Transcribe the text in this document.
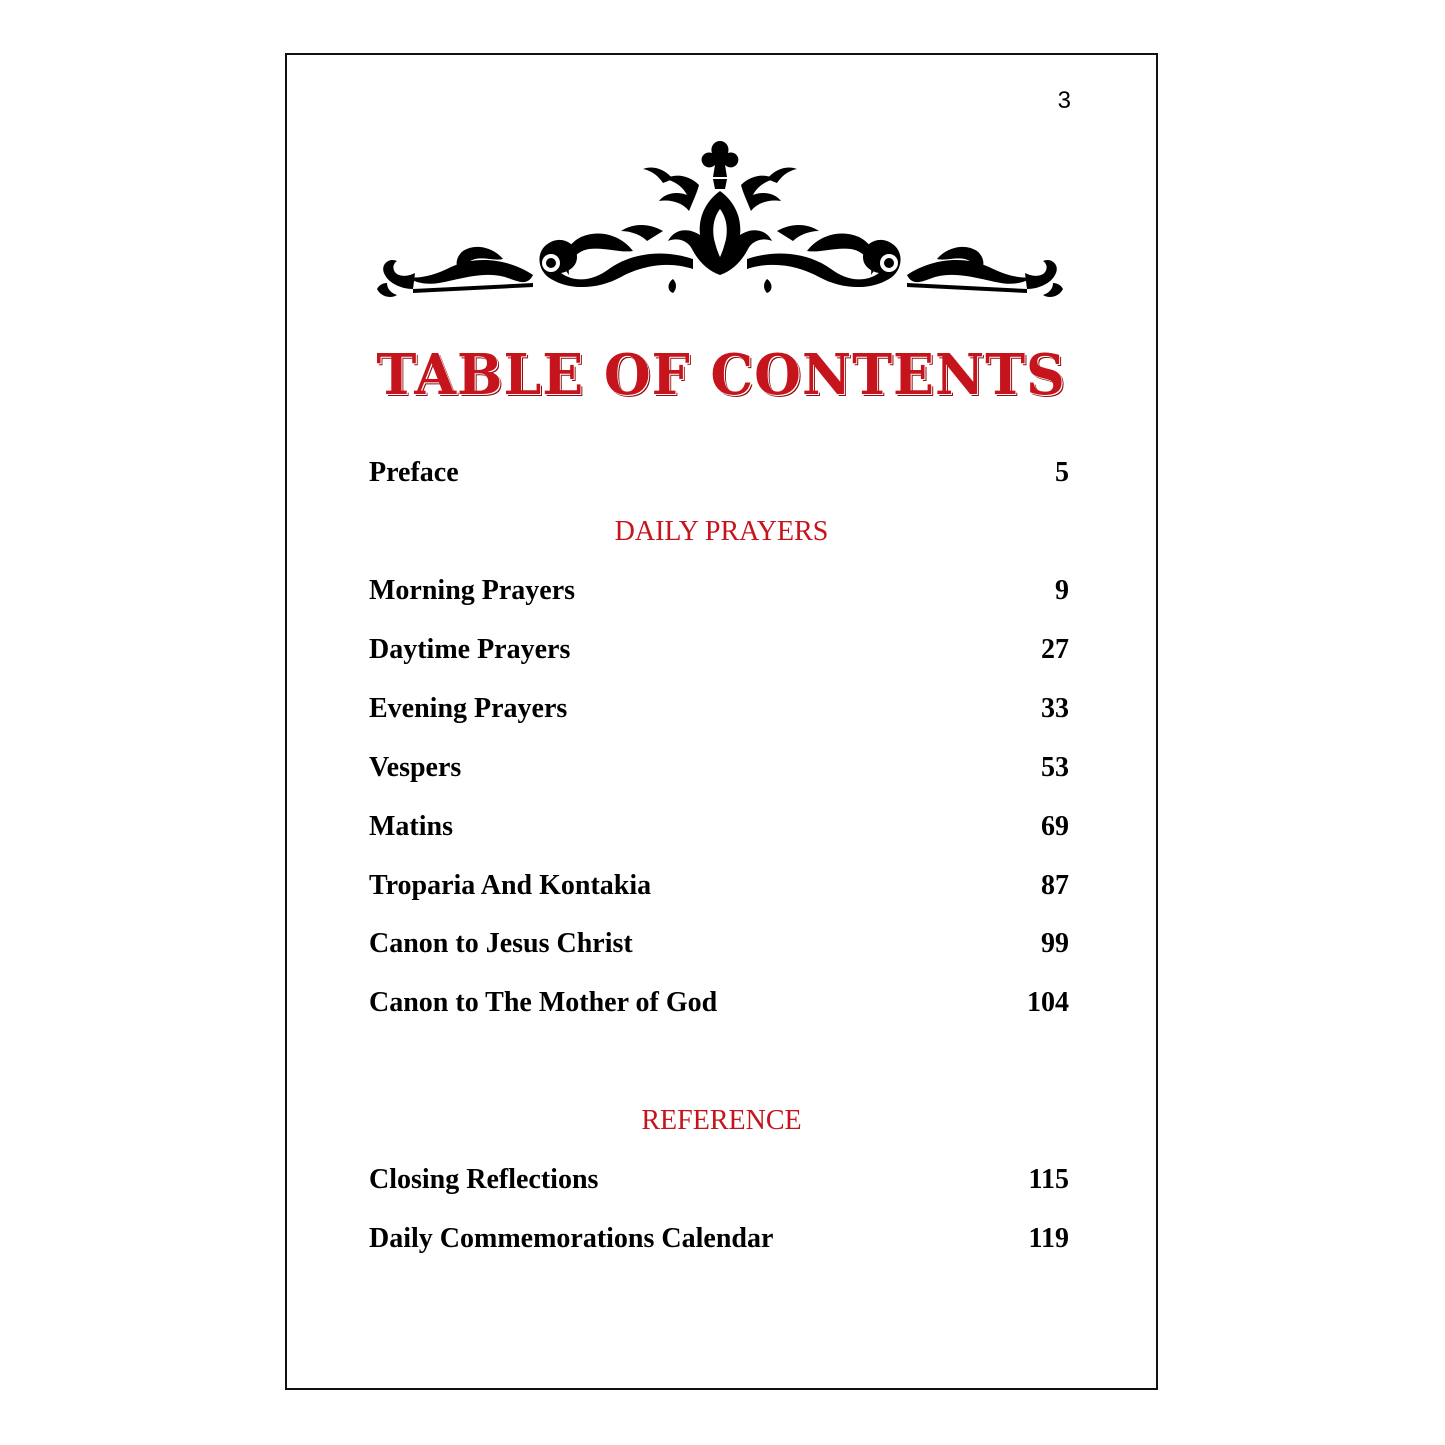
3
TABLE OF CONTENTS
Preface	5
DAILY PRAYERS
Morning Prayers	9
Daytime Prayers	27
Evening Prayers	33
Vespers	53
Matins	69
Troparia And Kontakia	87
Canon to Jesus Christ	99
Canon to The Mother of God	104
REFERENCE
Closing Reflections	115
Daily Commemorations Calendar	119
